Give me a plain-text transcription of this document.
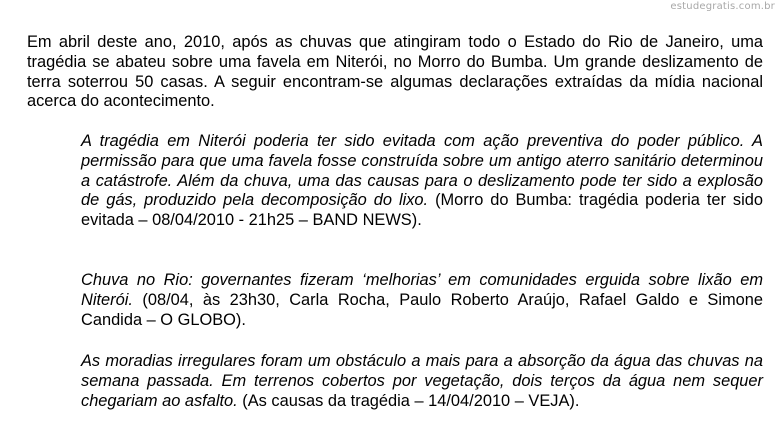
estudegratis.com.br

Em abril deste ano, 2010, após as chuvas que atingiram todo o Estado do Rio de Janeiro, uma tragédia se abateu sobre uma favela em Niterói, no Morro do Bumba. Um grande deslizamento de terra soterrou 50 casas. A seguir encontram-se algumas declarações extraídas da mídia nacional acerca do acontecimento.

A tragédia em Niterói poderia ter sido evitada com ação preventiva do poder público. A permissão para que uma favela fosse construída sobre um antigo aterro sanitário determinou a catástrofe. Além da chuva, uma das causas para o deslizamento pode ter sido a explosão de gás, produzido pela decomposição do lixo. (Morro do Bumba: tragédia poderia ter sido evitada – 08/04/2010 - 21h25 – BAND NEWS).

Chuva no Rio: governantes fizeram ‘melhorias’ em comunidades erguida sobre lixão em Niterói. (08/04, às 23h30, Carla Rocha, Paulo Roberto Araújo, Rafael Galdo e Simone Candida – O GLOBO).

As moradias irregulares foram um obstáculo a mais para a absorção da água das chuvas na semana passada. Em terrenos cobertos por vegetação, dois terços da água nem sequer chegariam ao asfalto. (As causas da tragédia – 14/04/2010 – VEJA).
